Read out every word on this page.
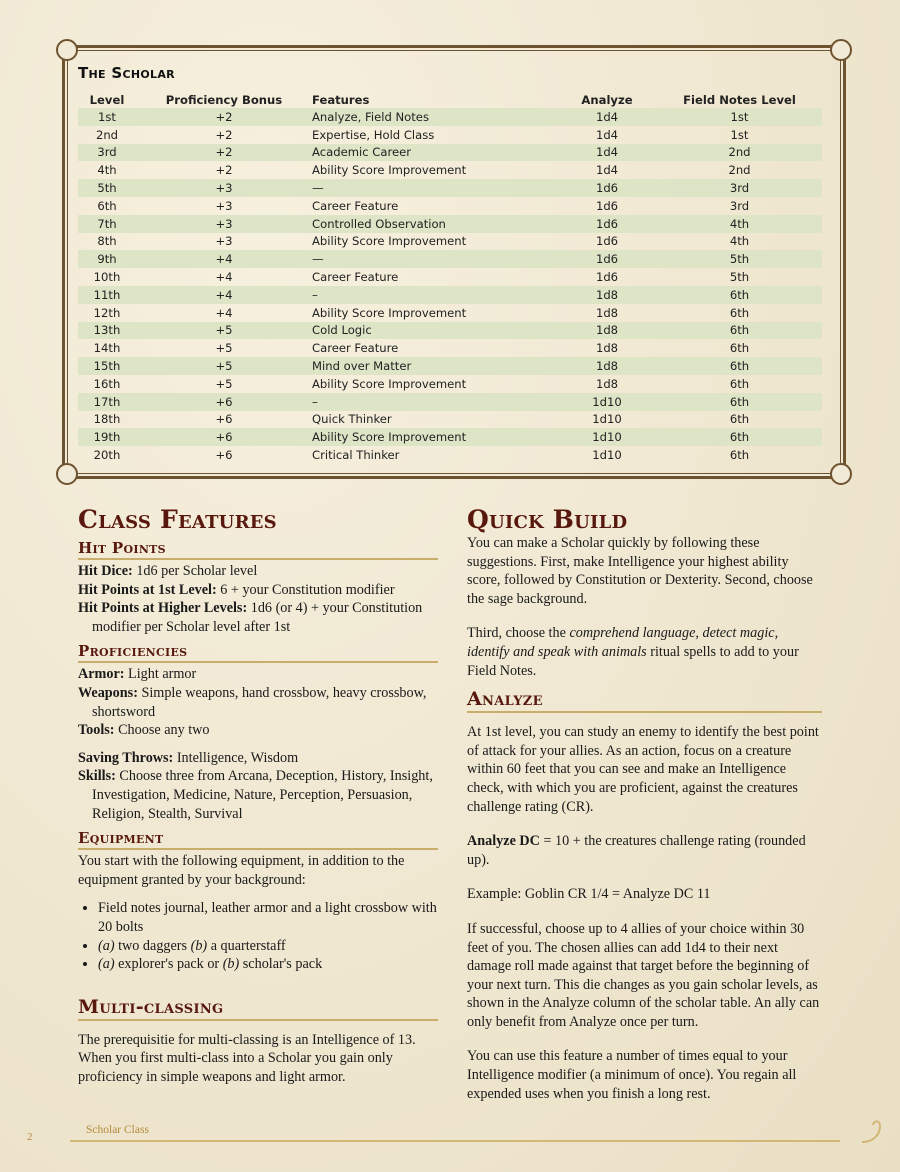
The Scholar
Level	Proficiency Bonus	Features	Analyze	Field Notes Level
1st	+2	Analyze, Field Notes	1d4	1st
2nd	+2	Expertise, Hold Class	1d4	1st
3rd	+2	Academic Career	1d4	2nd
4th	+2	Ability Score Improvement	1d4	2nd
5th	+3	—	1d6	3rd
6th	+3	Career Feature	1d6	3rd
7th	+3	Controlled Observation	1d6	4th
8th	+3	Ability Score Improvement	1d6	4th
9th	+4	—	1d6	5th
10th	+4	Career Feature	1d6	5th
11th	+4	–	1d8	6th
12th	+4	Ability Score Improvement	1d8	6th
13th	+5	Cold Logic	1d8	6th
14th	+5	Career Feature	1d8	6th
15th	+5	Mind over Matter	1d8	6th
16th	+5	Ability Score Improvement	1d8	6th
17th	+6	–	1d10	6th
18th	+6	Quick Thinker	1d10	6th
19th	+6	Ability Score Improvement	1d10	6th
20th	+6	Critical Thinker	1d10	6th
Class Features
Hit Points

Hit Dice: 1d6 per Scholar level

Hit Points at 1st Level: 6 + your Constitution modifier

Hit Points at Higher Levels: 1d6 (or 4) + your Constitution modifier per Scholar level after 1st

Proficiencies

Armor: Light armor

Weapons: Simple weapons, hand crossbow, heavy crossbow, shortsword

Tools: Choose any two

Saving Throws: Intelligence, Wisdom

Skills: Choose three from Arcana, Deception, History, Insight, Investigation, Medicine, Nature, Perception, Persuasion, Religion, Stealth, Survival

Equipment

You start with the following equipment, in addition to the equipment granted by your background:

• Field notes journal, leather armor and a light crossbow with 20 bolts
• (a) two daggers (b) a quarterstaff
• (a) explorer's pack or (b) scholar's pack
Multi-classing

The prerequisitie for multi-classing is an Intelligence of 13. When you first multi-class into a Scholar you gain only proficiency in simple weapons and light armor.

Quick Build

You can make a Scholar quickly by following these suggestions. First, make Intelligence your highest ability score, followed by Constitution or Dexterity. Second, choose the sage background.

Third, choose the comprehend language, detect magic, identify and speak with animals ritual spells to add to your Field Notes.

Analyze

At 1st level, you can study an enemy to identify the best point of attack for your allies. As an action, focus on a creature within 60 feet that you can see and make an Intelligence check, with which you are proficient, against the creatures challenge rating (CR).

Analyze DC = 10 + the creatures challenge rating (rounded up).

Example: Goblin CR 1/4 = Analyze DC 11

If successful, choose up to 4 allies of your choice within 30 feet of you. The chosen allies can add 1d4 to their next damage roll made against that target before the beginning of your next turn. This die changes as you gain scholar levels, as shown in the Analyze column of the scholar table. An ally can only benefit from Analyze once per turn.

You can use this feature a number of times equal to your Intelligence modifier (a minimum of once). You regain all expended uses when you finish a long rest.

Scholar Class
2
